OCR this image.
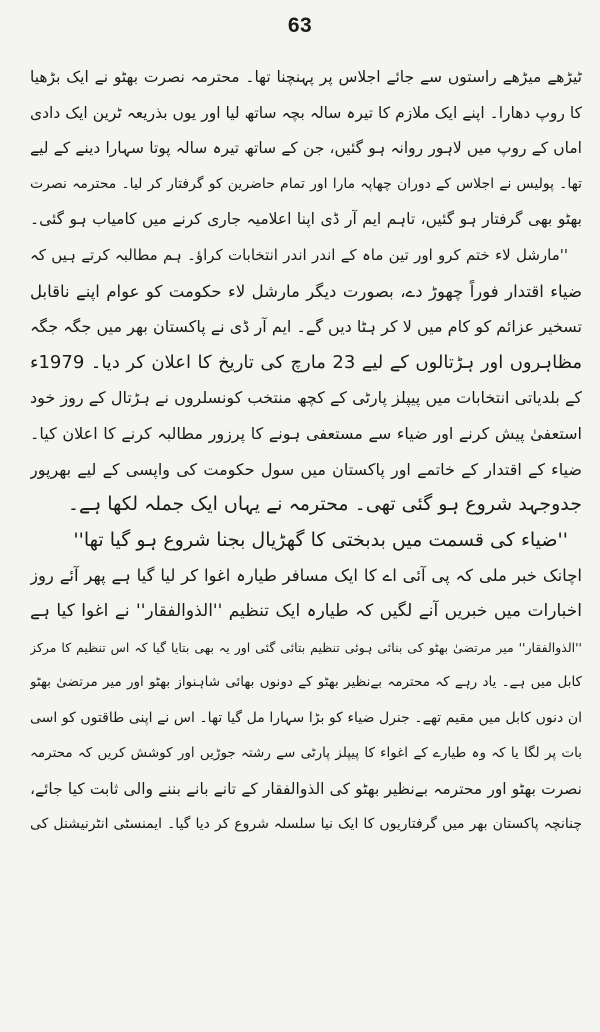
63
ٹیڑھے میڑھے راستوں سے جائے اجلاس پر پہنچنا تھا۔ محترمہ نصرت بھٹو نے ایک بڑھیا
کا روپ دھارا۔ اپنے ایک ملازم کا تیرہ سالہ بچہ ساتھ لیا اور یوں بذریعہ ٹرین ایک دادی
اماں کے روپ میں لاہور روانہ ہو گئیں، جن کے ساتھ تیرہ سالہ پوتا سہارا دینے کے لیے
تھا۔ پولیس نے اجلاس کے دوران چھاپہ مارا اور تمام حاضرین کو گرفتار کر لیا۔ محترمہ نصرت
بھٹو بھی گرفتار ہو گئیں، تاہم ایم آر ڈی اپنا اعلامیہ جاری کرنے میں کامیاب ہو گئی۔
''مارشل لاء ختم کرو اور تین ماہ کے اندر اندر انتخابات کراؤ۔ ہم مطالبہ کرتے ہیں کہ
ضیاء اقتدار فوراً چھوڑ دے، بصورت دیگر مارشل لاء حکومت کو عوام اپنے ناقابل
تسخیر عزائم کو کام میں لا کر ہٹا دیں گے۔ ایم آر ڈی نے پاکستان بھر میں جگہ جگہ
مظاہروں اور ہڑتالوں کے لیے 23 مارچ کی تاریخ کا اعلان کر دیا۔ 1979ء
کے بلدیاتی انتخابات میں پیپلز پارٹی کے کچھ منتخب کونسلروں نے ہڑتال کے روز خود
استعفیٰ پیش کرنے اور ضیاء سے مستعفی ہونے کا پرزور مطالبہ کرنے کا اعلان کیا۔
ضیاء کے اقتدار کے خاتمے اور پاکستان میں سول حکومت کی واپسی کے لیے بھرپور
جدوجہد شروع ہو گئی تھی۔ محترمہ نے یہاں ایک جملہ لکھا ہے۔
''ضیاء کی قسمت میں بدبختی کا گھڑیال بجنا شروع ہو گیا تھا''
اچانک خبر ملی کہ پی آئی اے کا ایک مسافر طیارہ اغوا کر لیا گیا ہے پھر آئے روز
اخبارات میں خبریں آنے لگیں کہ طیارہ ایک تنظیم ''الذوالفقار'' نے اغوا کیا ہے
''الذوالفقار'' میر مرتضیٰ بھٹو کی بنائی ہوئی تنظیم بتائی گئی اور یہ بھی بتایا گیا کہ اس تنظیم کا مرکز
کابل میں ہے۔ یاد رہے کہ محترمہ بےنظیر بھٹو کے دونوں بھائی شاہنواز بھٹو اور میر مرتضیٰ بھٹو
ان دنوں کابل میں مقیم تھے۔ جنرل ضیاء کو بڑا سہارا مل گیا تھا۔ اس نے اپنی طاقتوں کو اسی
بات پر لگا یا کہ وہ طیارے کے اغواء کا پیپلز پارٹی سے رشتہ جوڑیں اور کوشش کریں کہ محترمہ
نصرت بھٹو اور محترمہ بےنظیر بھٹو کی الذوالفقار کے تانے بانے بننے والی ثابت کیا جائے،
چنانچہ پاکستان بھر میں گرفتاریوں کا ایک نیا سلسلہ شروع کر دیا گیا۔ ایمنسٹی انٹرنیشنل کی
